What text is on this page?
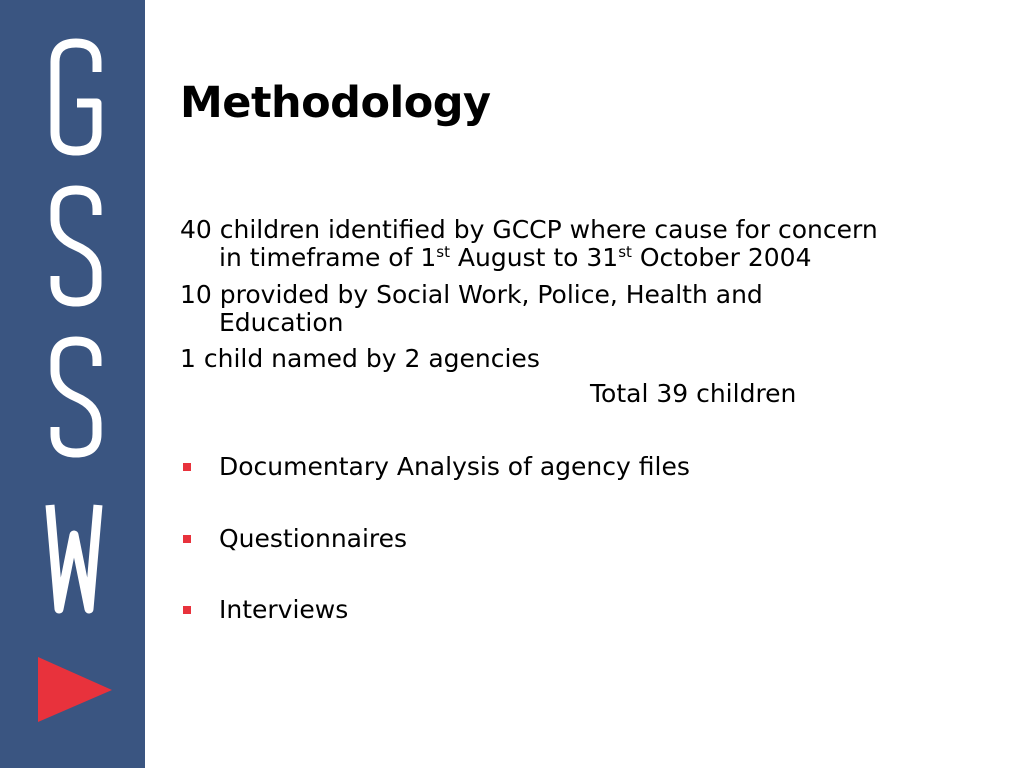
Methodology

40 children identified by GCCP where cause for concern
in timeframe of 1st August to 31st October 2004

10 provided by Social Work, Police, Health and
Education

1 child named by 2 agencies

Total 39 children
Documentary Analysis of agency files
Questionnaires
Interviews
